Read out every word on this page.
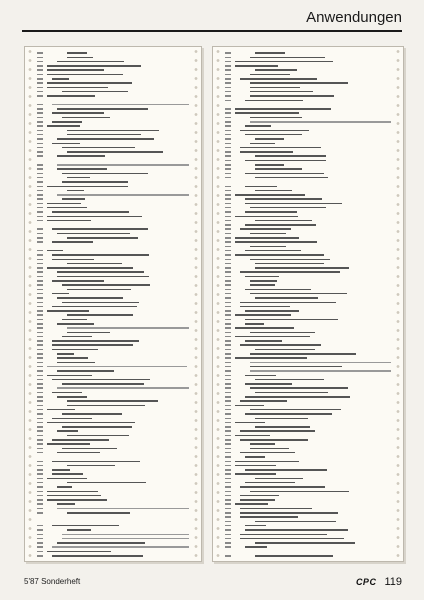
Anwendungen
5'87 Sonderheft	CPC 119
